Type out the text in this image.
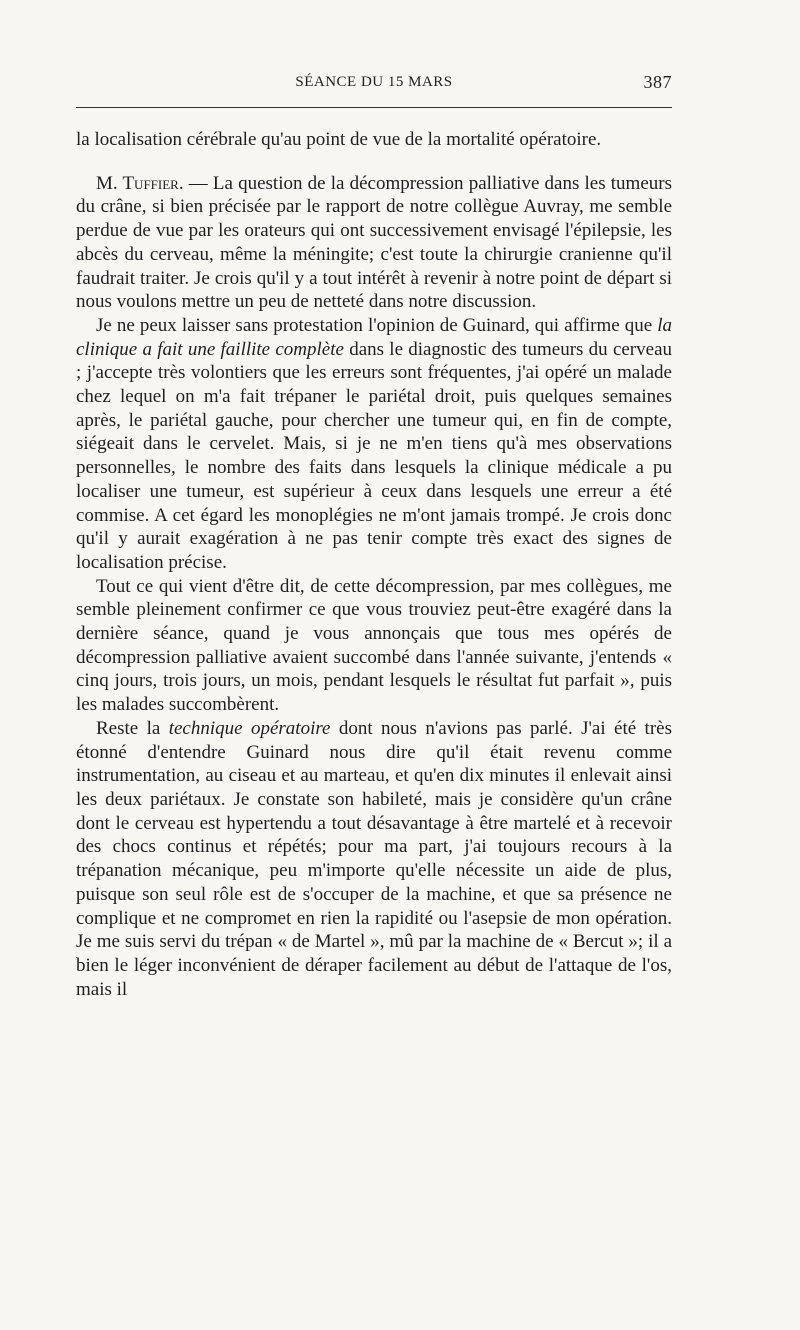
SÉANCE DU 15 MARS	387

la localisation cérébrale qu'au point de vue de la mortalité opératoire.

M. Tuffier. — La question de la décompression palliative dans les tumeurs du crâne, si bien précisée par le rapport de notre collègue Auvray, me semble perdue de vue par les orateurs qui ont successivement envisagé l'épilepsie, les abcès du cerveau, même la méningite; c'est toute la chirurgie cranienne qu'il faudrait traiter. Je crois qu'il y a tout intérêt à revenir à notre point de départ si nous voulons mettre un peu de netteté dans notre discussion.

Je ne peux laisser sans protestation l'opinion de Guinard, qui affirme que la clinique a fait une faillite complète dans le diagnostic des tumeurs du cerveau ; j'accepte très volontiers que les erreurs sont fréquentes, j'ai opéré un malade chez lequel on m'a fait trépaner le pariétal droit, puis quelques semaines après, le pariétal gauche, pour chercher une tumeur qui, en fin de compte, siégeait dans le cervelet. Mais, si je ne m'en tiens qu'à mes observations personnelles, le nombre des faits dans lesquels la clinique médicale a pu localiser une tumeur, est supérieur à ceux dans lesquels une erreur a été commise. A cet égard les monoplégies ne m'ont jamais trompé. Je crois donc qu'il y aurait exagération à ne pas tenir compte très exact des signes de localisation précise.

Tout ce qui vient d'être dit, de cette décompression, par mes collègues, me semble pleinement confirmer ce que vous trouviez peut-être exagéré dans la dernière séance, quand je vous annonçais que tous mes opérés de décompression palliative avaient succombé dans l'année suivante, j'entends « cinq jours, trois jours, un mois, pendant lesquels le résultat fut parfait », puis les malades succombèrent.

Reste la technique opératoire dont nous n'avions pas parlé. J'ai été très étonné d'entendre Guinard nous dire qu'il était revenu comme instrumentation, au ciseau et au marteau, et qu'en dix minutes il enlevait ainsi les deux pariétaux. Je constate son habileté, mais je considère qu'un crâne dont le cerveau est hypertendu a tout désavantage à être martelé et à recevoir des chocs continus et répétés; pour ma part, j'ai toujours recours à la trépanation mécanique, peu m'importe qu'elle nécessite un aide de plus, puisque son seul rôle est de s'occuper de la machine, et que sa présence ne complique et ne compromet en rien la rapidité ou l'asepsie de mon opération. Je me suis servi du trépan « de Martel », mû par la machine de « Bercut »; il a bien le léger inconvénient de déraper facilement au début de l'attaque de l'os, mais il
